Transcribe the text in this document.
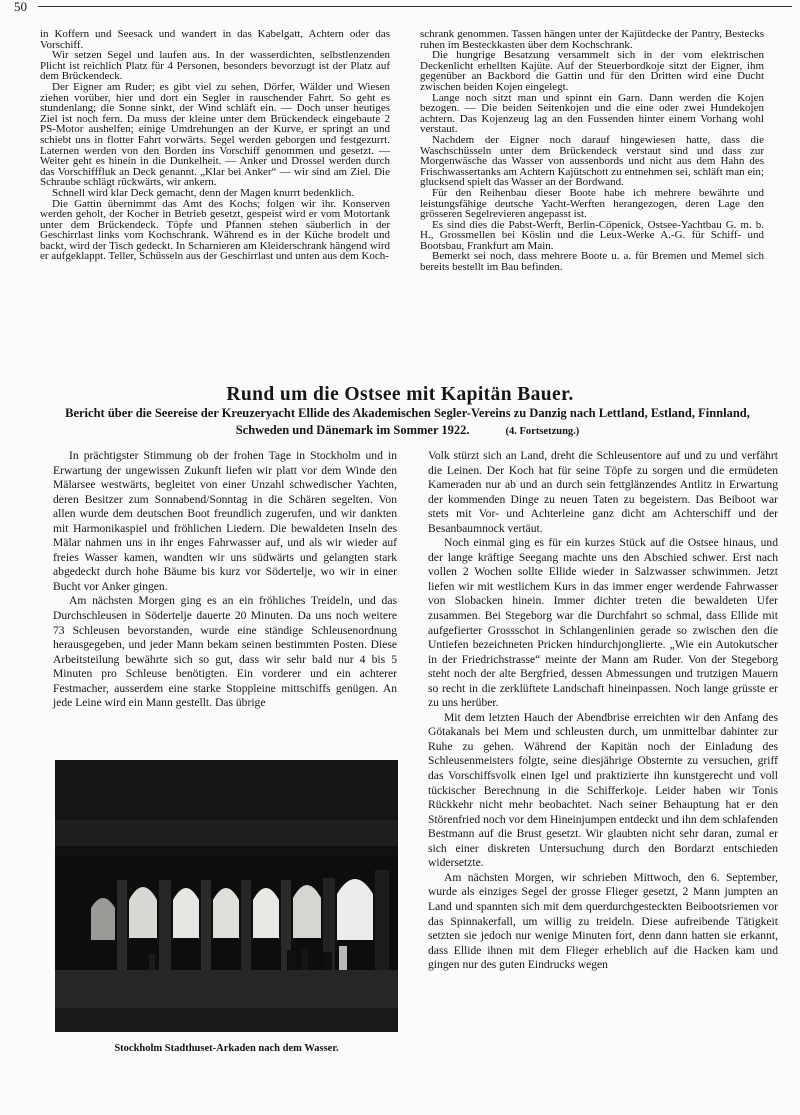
50

in Koffern und Seesack und wandert in das Kabelgatt, Achtern oder das Vorschiff.

Wir setzen Segel und laufen aus. In der wasserdichten, selbstlenzenden Plicht ist reichlich Platz für 4 Personen, besonders bevorzugt ist der Platz auf dem Brückendeck.

Der Eigner am Ruder; es gibt viel zu sehen, Dörfer, Wälder und Wiesen ziehen vorüber, hier und dort ein Segler in rauschender Fahrt. So geht es stundenlang; die Sonne sinkt, der Wind schläft ein. — Doch unser heutiges Ziel ist noch fern. Da muss der kleine unter dem Brückendeck eingebaute 2 PS-Motor aushelfen; einige Umdrehungen an der Kurve, er springt an und schiebt uns in flotter Fahrt vorwärts. Segel werden geborgen und festgezurrt. Laternen werden von den Borden ins Vorschiff genommen und gesetzt. — Weiter geht es hinein in die Dunkelheit. — Anker und Drossel werden durch das Vorschifffluk an Deck genannt. „Klar bei Anker“ — wir sind am Ziel. Die Schraube schlägt rückwärts, wir ankern.

Schnell wird klar Deck gemacht, denn der Magen knurrt bedenklich.

Die Gattin übernimmt das Amt des Kochs; folgen wir ihr. Konserven werden geholt, der Kocher in Betrieb gesetzt, gespeist wird er vom Motortank unter dem Brückendeck. Töpfe und Pfannen stehen säuberlich in der Geschirrlast links vom Kochschrank. Während es in der Küche brodelt und backt, wird der Tisch gedeckt. In Scharnieren am Kleiderschrank hängend wird er aufgeklappt. Teller, Schüsseln aus der Geschirrlast und unten aus dem Koch-

schrank genommen. Tassen hängen unter der Kajütdecke der Pantry, Bestecks ruhen im Besteckkasten über dem Kochschrank.

Die hungrige Besatzung versammelt sich in der vom elektrischen Deckenlicht erhellten Kajüte. Auf der Steuerbordkoje sitzt der Eigner, ihm gegenüber an Backbord die Gattin und für den Dritten wird eine Ducht zwischen beiden Kojen eingelegt.

Lange noch sitzt man und spinnt ein Garn. Dann werden die Kojen bezogen. — Die beiden Seitenkojen und die eine oder zwei Hundekojen achtern. Das Kojenzeug lag an den Fussenden hinter einem Vorhang wohl verstaut.

Nachdem der Eigner noch darauf hingewiesen hatte, dass die Waschschüsseln unter dem Brückendeck verstaut sind und dass zur Morgenwäsche das Wasser von aussenbords und nicht aus dem Hahn des Frischwassertanks am Achtern Kajütschott zu entnehmen sei, schläft man ein; glucksend spielt das Wasser an der Bordwand.

Für den Reihenbau dieser Boote habe ich mehrere bewährte und leistungsfähige deutsche Yacht-Werften herangezogen, deren Lage den grösseren Segelrevieren angepasst ist.

Es sind dies die Pabst-Werft, Berlin-Cöpenick, Ostsee-Yachtbau G. m. b. H., Grossmellen bei Köslin und die Leux-Werke A.-G. für Schiff- und Bootsbau, Frankfurt am Main.

Bemerkt sei noch, dass mehrere Boote u. a. für Bremen und Memel sich bereits bestellt im Bau befinden.

Rund um die Ostsee mit Kapitän Bauer.
Bericht über die Seereise der Kreuzeryacht Ellide des Akademischen Segler-Vereins zu Danzig nach Lettland, Estland, Finnland, Schweden und Dänemark im Sommer 1922.	(4. Fortsetzung.)

In prächtigster Stimmung ob der frohen Tage in Stockholm und in Erwartung der ungewissen Zukunft liefen wir platt vor dem Winde den Mälarsee westwärts, begleitet von einer Unzahl schwedischer Yachten, deren Besitzer zum Sonnabend/Sonntag in die Schären segelten. Von allen wurde dem deutschen Boot freundlich zugerufen, und wir dankten mit Harmonikaspiel und fröhlichen Liedern. Die bewaldeten Inseln des Mälar nahmen uns in ihr enges Fahrwasser auf, und als wir wieder auf freies Wasser kamen, wandten wir uns südwärts und gelangten stark abgedeckt durch hohe Bäume bis kurz vor Södertelje, wo wir in einer Bucht vor Anker gingen.

Am nächsten Morgen ging es an ein fröhliches Treideln, und das Durchschleusen in Södertelje dauerte 20 Minuten. Da uns noch weitere 73 Schleusen bevorstanden, wurde eine ständige Schleusenordnung herausgegeben, und jeder Mann bekam seinen bestimmten Posten. Diese Arbeitsteilung bewährte sich so gut, dass wir sehr bald nur 4 bis 5 Minuten pro Schleuse benötigten. Ein vorderer und ein achterer Festmacher, ausserdem eine starke Stoppleine mittschiffs genügen. An jede Leine wird ein Mann gestellt. Das übrige

Stockholm Stadthuset-Arkaden nach dem Wasser.

Volk stürzt sich an Land, dreht die Schleusentore auf und zu und verfährt die Leinen. Der Koch hat für seine Töpfe zu sorgen und die ermüdeten Kameraden nur ab und an durch sein fettglänzendes Antlitz in Erwartung der kommenden Dinge zu neuen Taten zu begeistern. Das Beiboot war stets mit Vor- und Achterleine ganz dicht am Achterschiff und der Besanbaumnock vertäut.

Noch einmal ging es für ein kurzes Stück auf die Ostsee hinaus, und der lange kräftige Seegang machte uns den Abschied schwer. Erst nach vollen 2 Wochen sollte Ellide wieder in Salzwasser schwimmen. Jetzt liefen wir mit westlichem Kurs in das immer enger werdende Fahrwasser von Slobacken hinein. Immer dichter treten die bewaldeten Ufer zusammen. Bei Stegeborg war die Durchfahrt so schmal, dass Ellide mit aufgefierter Grossschot in Schlangenlinien gerade so zwischen den die Untiefen bezeichneten Pricken hindurchjonglierte. „Wie ein Autokutscher in der Friedrichstrasse“ meinte der Mann am Ruder. Von der Stegeborg steht noch der alte Bergfried, dessen Abmessungen und trutzigen Mauern so recht in die zerklüftete Landschaft hineinpassen. Noch lange grüsste er zu uns herüber.

Mit dem letzten Hauch der Abendbrise erreichten wir den Anfang des Götakanals bei Mem und schleusten durch, um unmittelbar dahinter zur Ruhe zu gehen. Während der Kapitän noch der Einladung des Schleusenmeisters folgte, seine diesjährige Obsternte zu versuchen, griff das Vorschiffsvolk einen Igel und praktizierte ihn kunstgerecht und voll tückischer Berechnung in die Schifferkoje. Leider haben wir Tonis Rückkehr nicht mehr beobachtet. Nach seiner Behauptung hat er den Störenfried noch vor dem Hineinjumpen entdeckt und ihn dem schlafenden Bestmann auf die Brust gesetzt. Wir glaubten nicht sehr daran, zumal er sich einer diskreten Untersuchung durch den Bordarzt entschieden widersetzte.

Am nächsten Morgen, wir schrieben Mittwoch, den 6. September, wurde als einziges Segel der grosse Flieger gesetzt, 2 Mann jumpten an Land und spannten sich mit dem querdurchgesteckten Beibootsriemen vor das Spinnakerfall, um willig zu treideln. Diese aufreibende Tätigkeit setzten sie jedoch nur wenige Minuten fort, denn dann hatten sie erkannt, dass Ellide ihnen mit dem Flieger erheblich auf die Hacken kam und gingen nur des guten Eindrucks wegen
